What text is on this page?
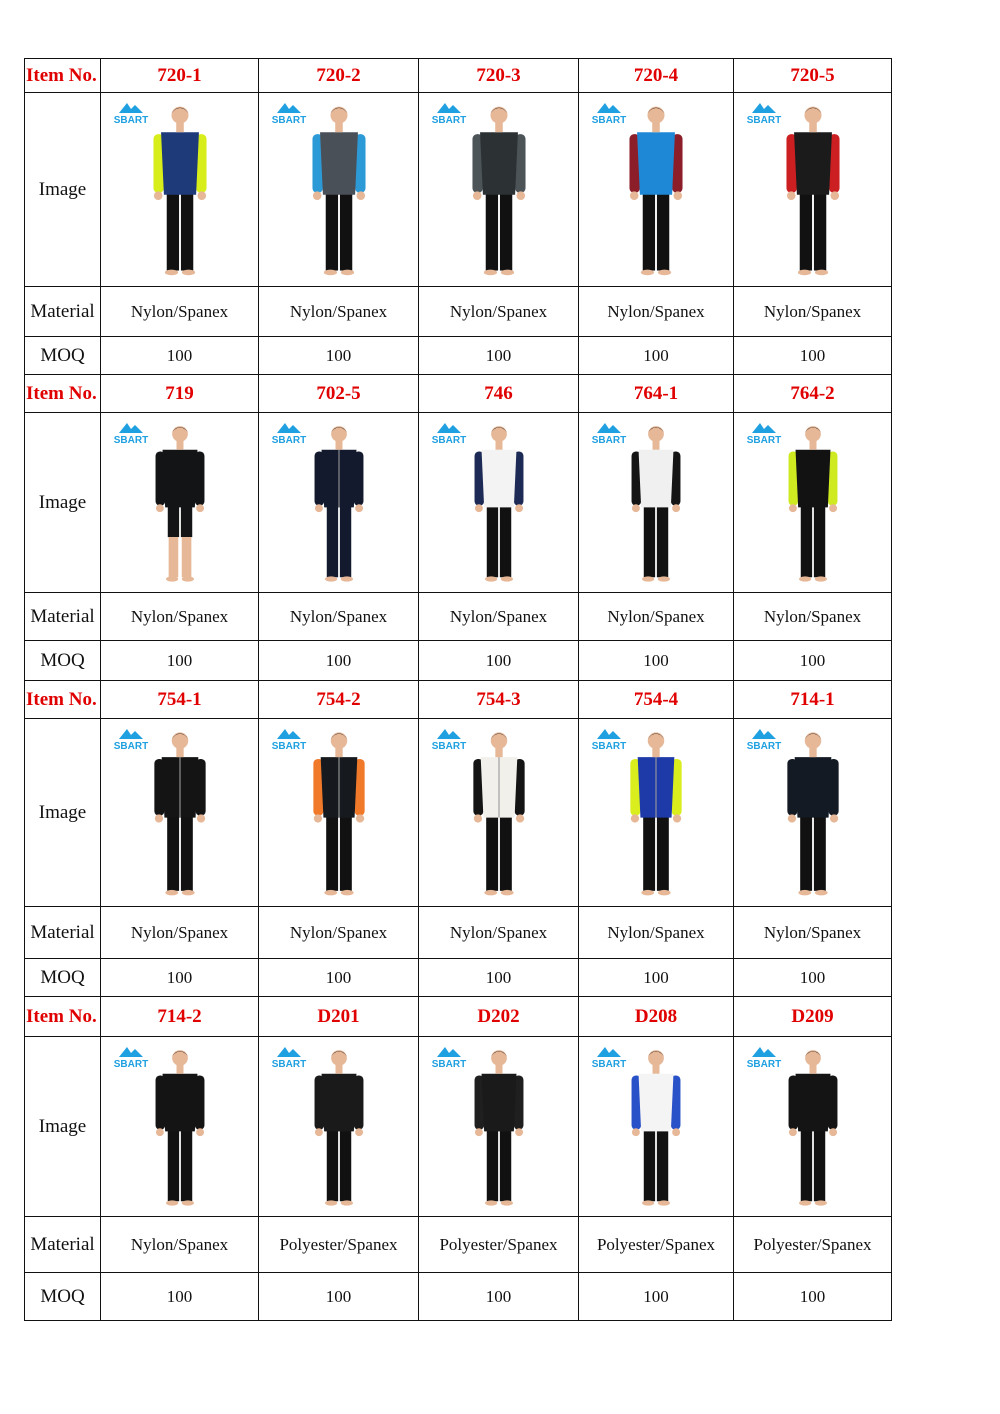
Item No.	720-1	720-2	720-3	720-4	720-5
Image	SBART	SBART	SBART	SBART	SBART

Material	Nylon/Spanex	Nylon/Spanex	Nylon/Spanex	Nylon/Spanex	Nylon/Spanex
MOQ	100	100	100	100	100
Item No.	719	702-5	746	764-1	764-2
Image	SBART	SBART	SBART	SBART	SBART

Material	Nylon/Spanex	Nylon/Spanex	Nylon/Spanex	Nylon/Spanex	Nylon/Spanex
MOQ	100	100	100	100	100
Item No.	754-1	754-2	754-3	754-4	714-1
Image	SBART	SBART	SBART	SBART	SBART

Material	Nylon/Spanex	Nylon/Spanex	Nylon/Spanex	Nylon/Spanex	Nylon/Spanex
MOQ	100	100	100	100	100
Item No.	714-2	D201	D202	D208	D209
Image	SBART	SBART	SBART	SBART	SBART

Material	Nylon/Spanex	Polyester/Spanex	Polyester/Spanex	Polyester/Spanex	Polyester/Spanex
MOQ	100	100	100	100	100
